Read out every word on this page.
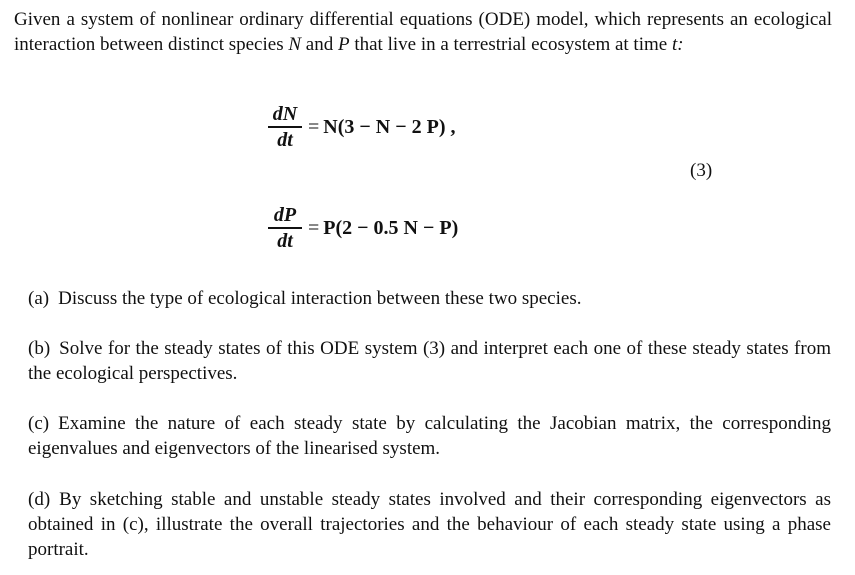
Given a system of nonlinear ordinary differential equations (ODE) model, which represents an ecological interaction between distinct species N and P that live in a terrestrial ecosystem at time t:
$\frac{dN}{dt} = N(3 - N - 2$ P) ,
(3)
$\frac{dP}{dt} = P(2 - 0.5$ N − P)
(a) Discuss the type of ecological interaction between these two species.
(b) Solve for the steady states of this ODE system (3) and interpret each one of these steady states from the ecological perspectives.
(c) Examine the nature of each steady state by calculating the Jacobian matrix, the corresponding eigenvalues and eigenvectors of the linearised system.
(d) By sketching stable and unstable steady states involved and their corresponding eigenvectors as obtained in (c), illustrate the overall trajectories and the behaviour of each steady state using a phase portrait.
